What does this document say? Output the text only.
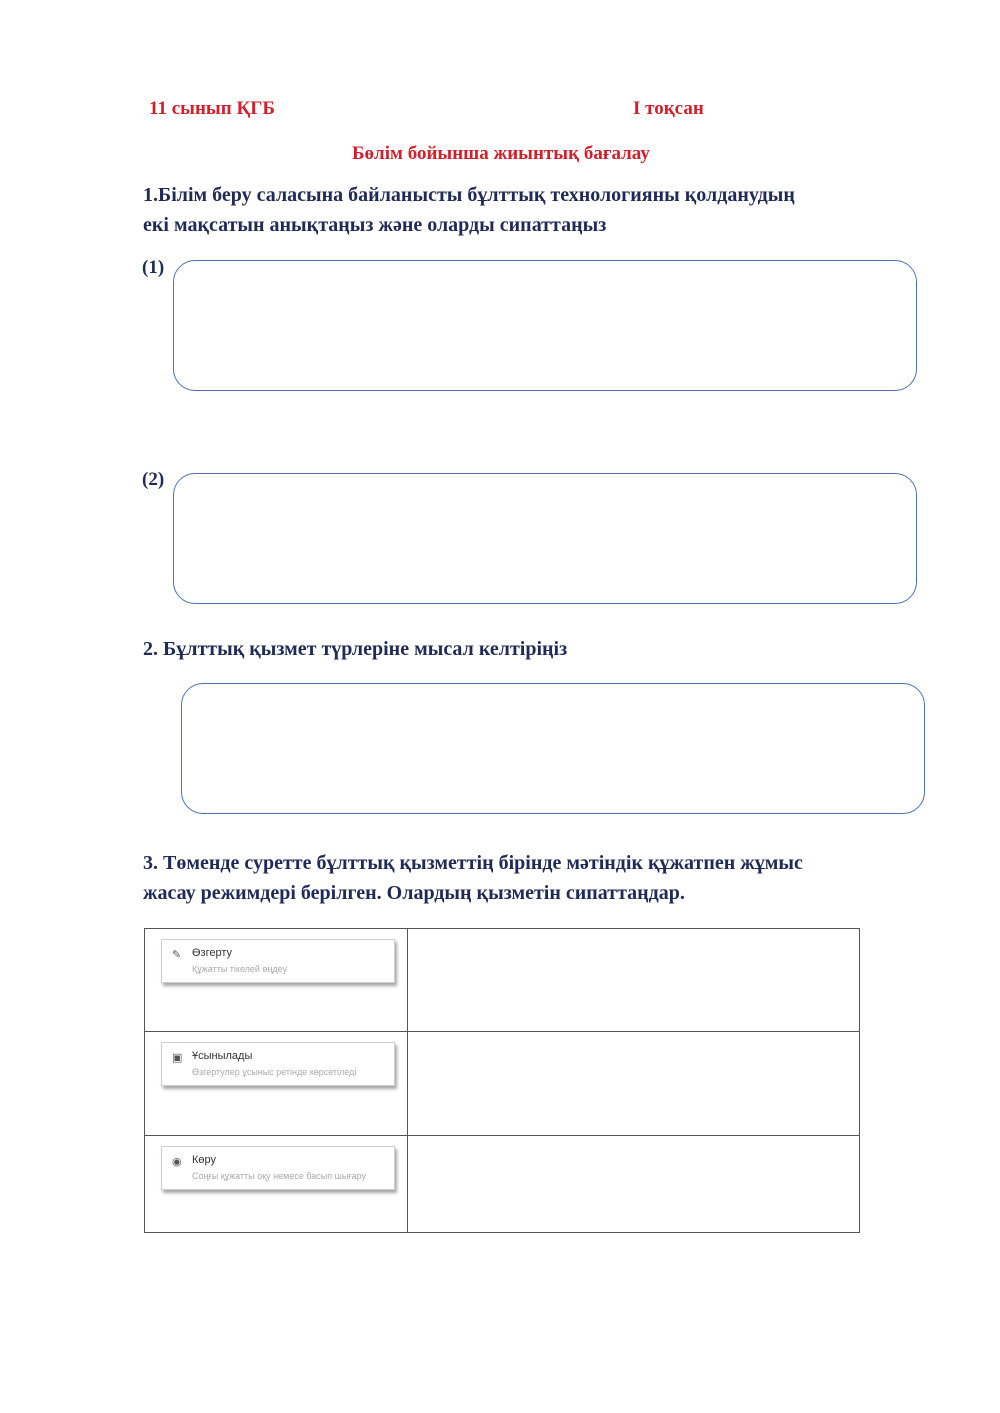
11 сынып ҚГБ	І тоқсан
Бөлім бойынша жиынтық бағалау
1.Білім беру саласына байланысты бұлттық технологияны қолданудың
екі мақсатын анықтаңыз және оларды сипаттаңыз
(1)
(2)
2. Бұлттық қызмет түрлеріне мысал келтіріңіз
3. Төменде суретте бұлттық қызметтің бірінде мәтіндік құжатпен жұмыс
жасау режимдері берілген. Олардың қызметін сипаттаңдар.
✎ Өзгерту
Құжатты тікелей өңдеу	

▣ Ұсынылады
Өзгертулер ұсыныс ретінде көрсетіледі	

◉ Көру
Соңғы құжатты оқу немесе басып шығару	
